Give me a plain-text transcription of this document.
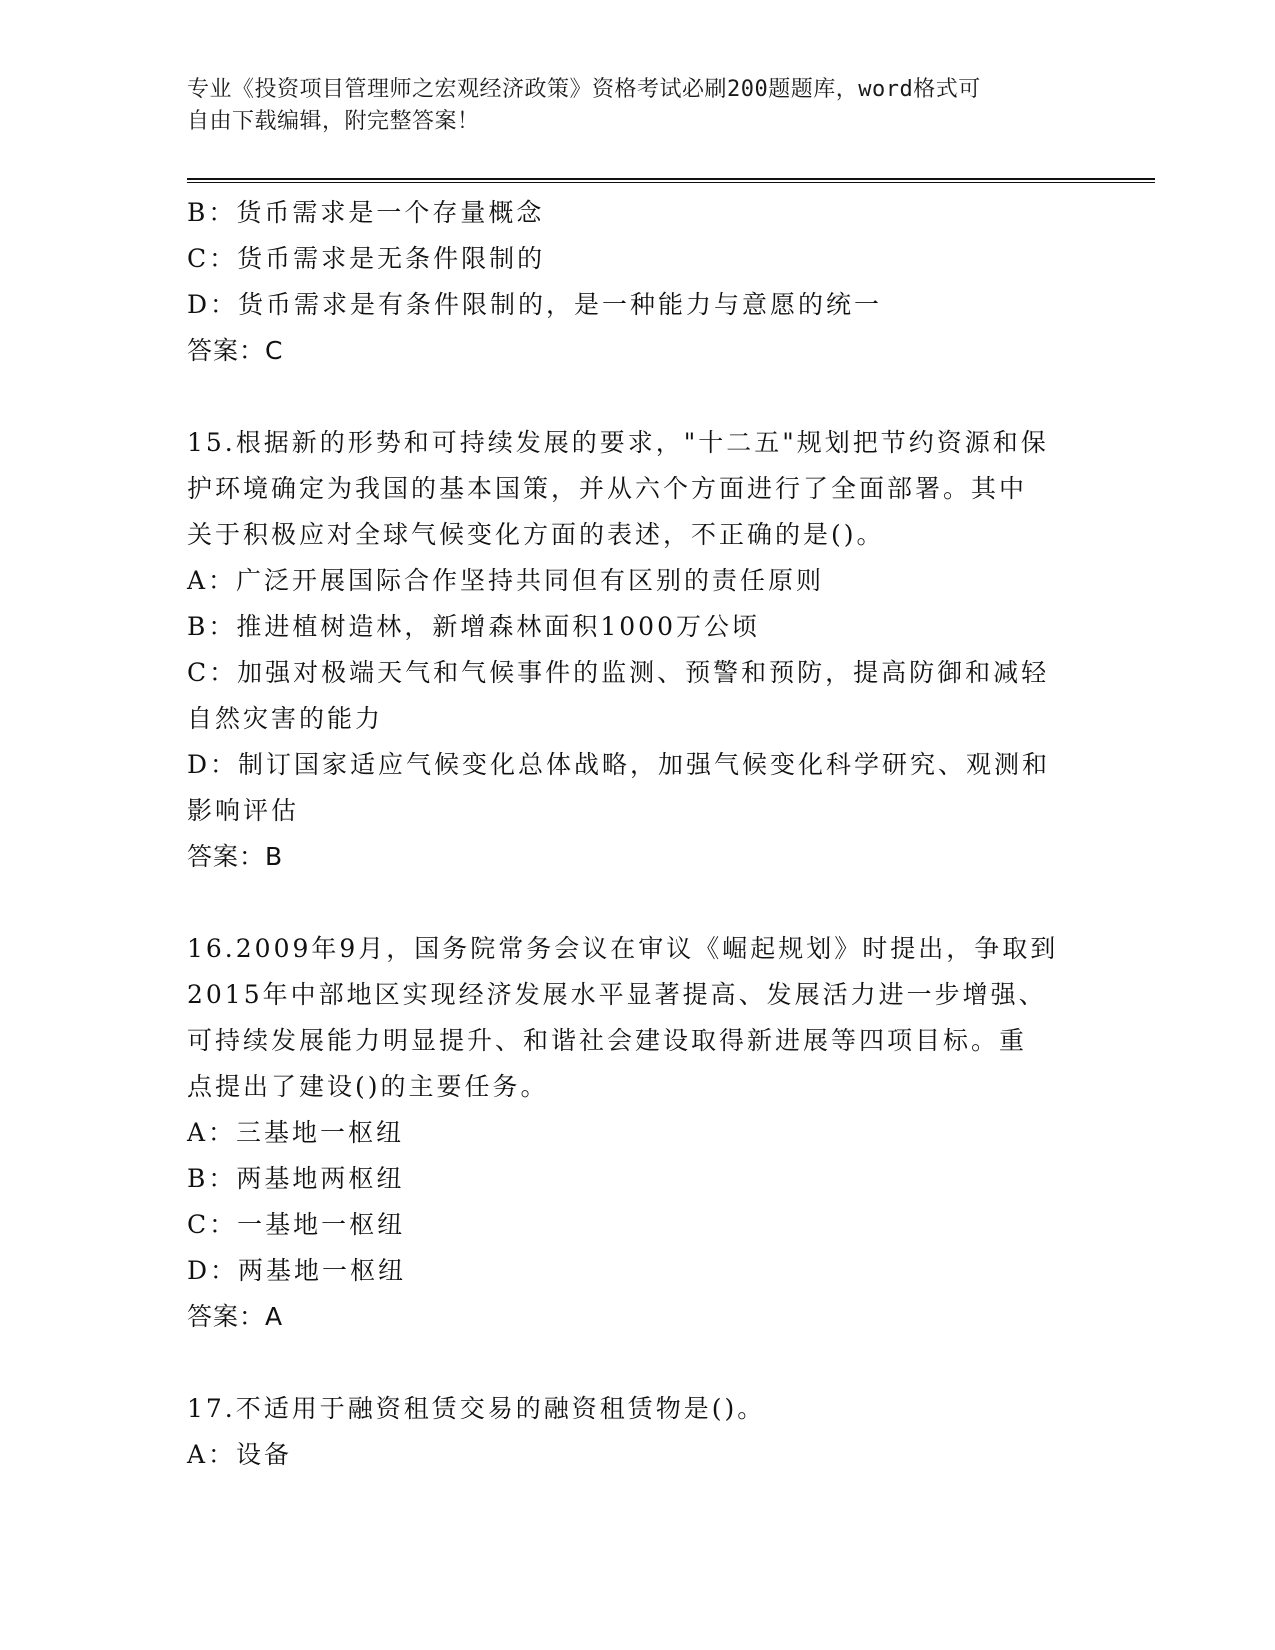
专业《投资项目管理师之宏观经济政策》资格考试必刷200题题库，word格式可
自由下载编辑，附完整答案！

B：货币需求是一个存量概念

C：货币需求是无条件限制的

D：货币需求是有条件限制的，是一种能力与意愿的统一

答案：C

15.根据新的形势和可持续发展的要求，"十二五"规划把节约资源和保

护环境确定为我国的基本国策，并从六个方面进行了全面部署。其中

关于积极应对全球气候变化方面的表述，不正确的是()。

A：广泛开展国际合作坚持共同但有区别的责任原则

B：推进植树造林，新增森林面积1000万公顷

C：加强对极端天气和气候事件的监测、预警和预防，提高防御和减轻

自然灾害的能力

D：制订国家适应气候变化总体战略，加强气候变化科学研究、观测和

影响评估

答案：B

16.2009年9月，国务院常务会议在审议《崛起规划》时提出，争取到

2015年中部地区实现经济发展水平显著提高、发展活力进一步增强、

可持续发展能力明显提升、和谐社会建设取得新进展等四项目标。重

点提出了建设()的主要任务。

A：三基地一枢纽

B：两基地两枢纽

C：一基地一枢纽

D：两基地一枢纽

答案：A

17.不适用于融资租赁交易的融资租赁物是()。

A：设备
